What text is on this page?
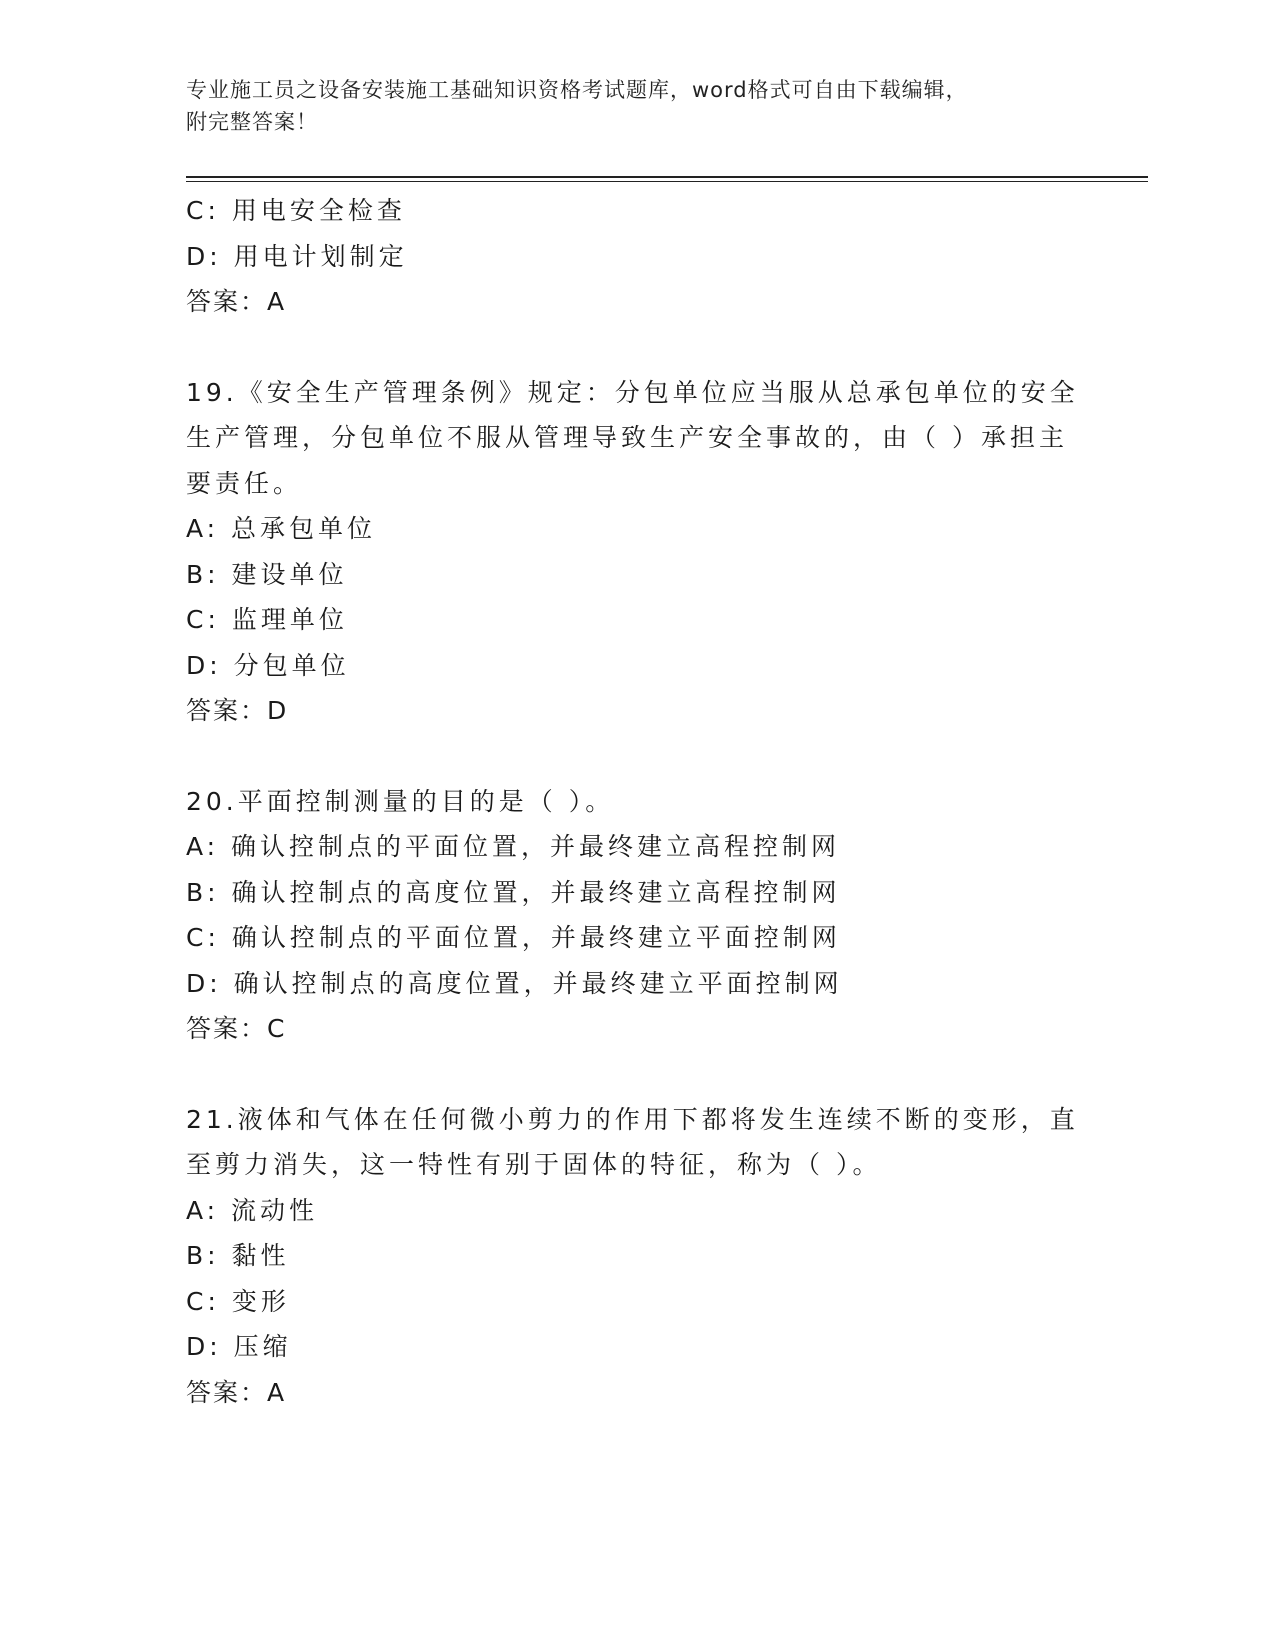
专业施工员之设备安装施工基础知识资格考试题库，word格式可自由下载编辑，
附完整答案！
C: 用电安全检查
D: 用电计划制定
答案：A
19.《安全生产管理条例》规定：分包单位应当服从总承包单位的安全
生产管理，分包单位不服从管理导致生产安全事故的，由（ ）承担主
要责任。
A: 总承包单位
B: 建设单位
C: 监理单位
D: 分包单位
答案：D
20.平面控制测量的目的是（ ）。
A: 确认控制点的平面位置，并最终建立高程控制网
B: 确认控制点的高度位置，并最终建立高程控制网
C: 确认控制点的平面位置，并最终建立平面控制网
D: 确认控制点的高度位置，并最终建立平面控制网
答案：C
21.液体和气体在任何微小剪力的作用下都将发生连续不断的变形，直
至剪力消失，这一特性有别于固体的特征，称为（ ）。
A: 流动性
B: 黏性
C: 变形
D: 压缩
答案：A
